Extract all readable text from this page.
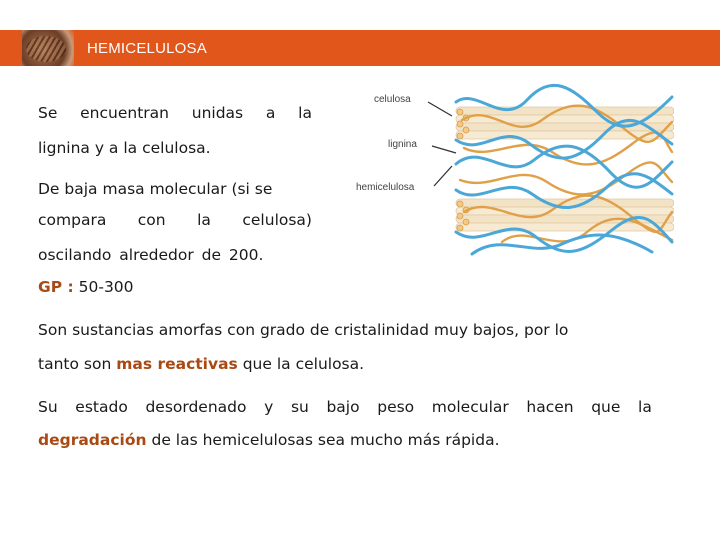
HEMICELULOSA
Se encuentran unidas a la
lignina y a la celulosa.
De baja masa molecular (si se
compara con la celulosa)
oscilando alrededor de 200.
GP : 50-300
Son sustancias amorfas con grado de cristalinidad muy bajos, por lo
tanto son mas reactivas que la celulosa.
Su estado desordenado y su bajo peso molecular hacen que la
degradación de las hemicelulosas sea mucho más rápida.
celulosa
lignina
hemicelulosa
